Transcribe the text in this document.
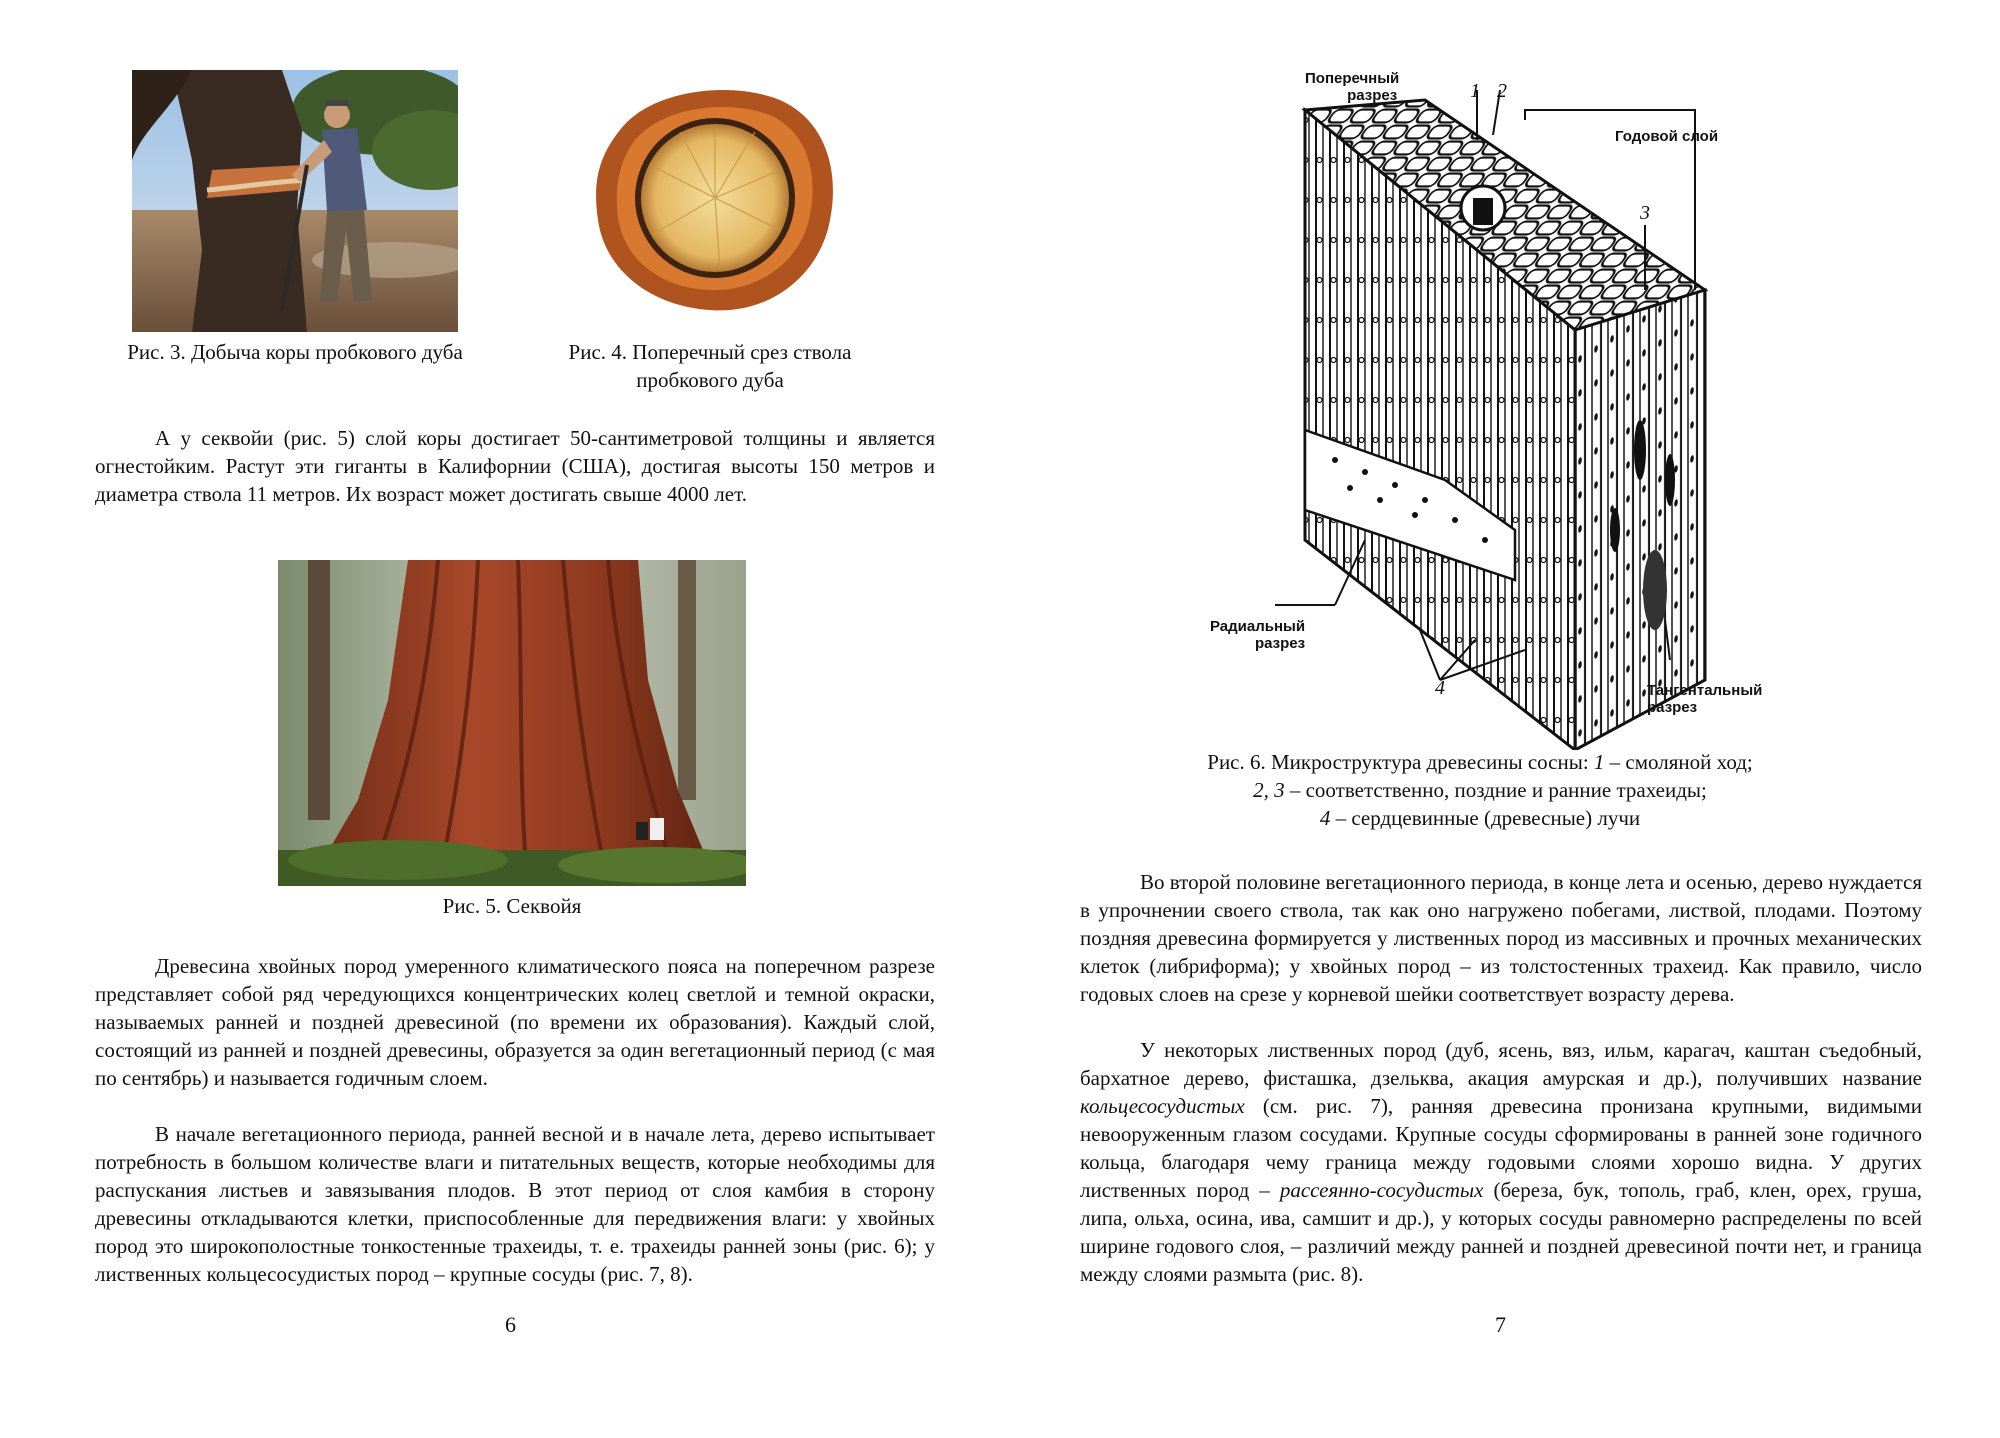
Рис. 3. Добыча коры пробкового дуба	Рис. 4. Поперечный срез ствола
пробкового дуба

А у секвойи (рис. 5) слой коры достигает 50-сантиметровой толщины и является огнестойким. Растут эти гиганты в Калифорнии (США), достигая высоты 150 метров и диаметра ствола 11 метров. Их возраст может достигать свыше 4000 лет.

Рис. 5. Секвойя

Древесина хвойных пород умеренного климатического пояса на поперечном разрезе представляет собой ряд чередующихся концентрических колец светлой и темной окраски, называемых ранней и поздней древесиной (по времени их образования). Каждый слой, состоящий из ранней и поздней древесины, образуется за один вегетационный период (с мая по сентябрь) и называется годичным слоем.

В начале вегетационного периода, ранней весной и в начале лета, дерево испытывает потребность в большом количестве влаги и питательных веществ, которые необходимы для распускания листьев и завязывания плодов. В этот период от слоя камбия в сторону древесины откладываются клетки, приспособленные для передвижения влаги: у хвойных пород это широкополостные тонкостенные трахеиды, т. е. трахеиды ранней зоны (рис. 6); у лиственных кольцесосудистых пород – крупные сосуды (рис. 7, 8).

6
Поперечный
разрез	1 2
Годовой слой
3
Радиальный
разрез
Тангентальный
разрез
4
Рис. 6. Микроструктура древесины сосны: 1 – смоляной ход;
2, 3 – соответственно, поздние и ранние трахеиды;
4 – сердцевинные (древесные) лучи

Во второй половине вегетационного периода, в конце лета и осенью, дерево нуждается в упрочнении своего ствола, так как оно нагружено побегами, листвой, плодами. Поэтому поздняя древесина формируется у лиственных пород из массивных и прочных механических клеток (либриформа); у хвойных пород – из толстостенных трахеид. Как правило, число годовых слоев на срезе у корневой шейки соответствует возрасту дерева.

У некоторых лиственных пород (дуб, ясень, вяз, ильм, карагач, каштан съедобный, бархатное дерево, фисташка, дзельква, акация амурская и др.), получивших название кольцесосудистых (см. рис. 7), ранняя древесина пронизана крупными, видимыми невооруженным глазом сосудами. Крупные сосуды сформированы в ранней зоне годичного кольца, благодаря чему граница между годовыми слоями хорошо видна. У других лиственных пород – рассеянно-сосудистых (береза, бук, тополь, граб, клен, орех, груша, липа, ольха, осина, ива, самшит и др.), у которых сосуды равномерно распределены по всей ширине годового слоя, – различий между ранней и поздней древесиной почти нет, и граница между слоями размыта (рис. 8).

7
